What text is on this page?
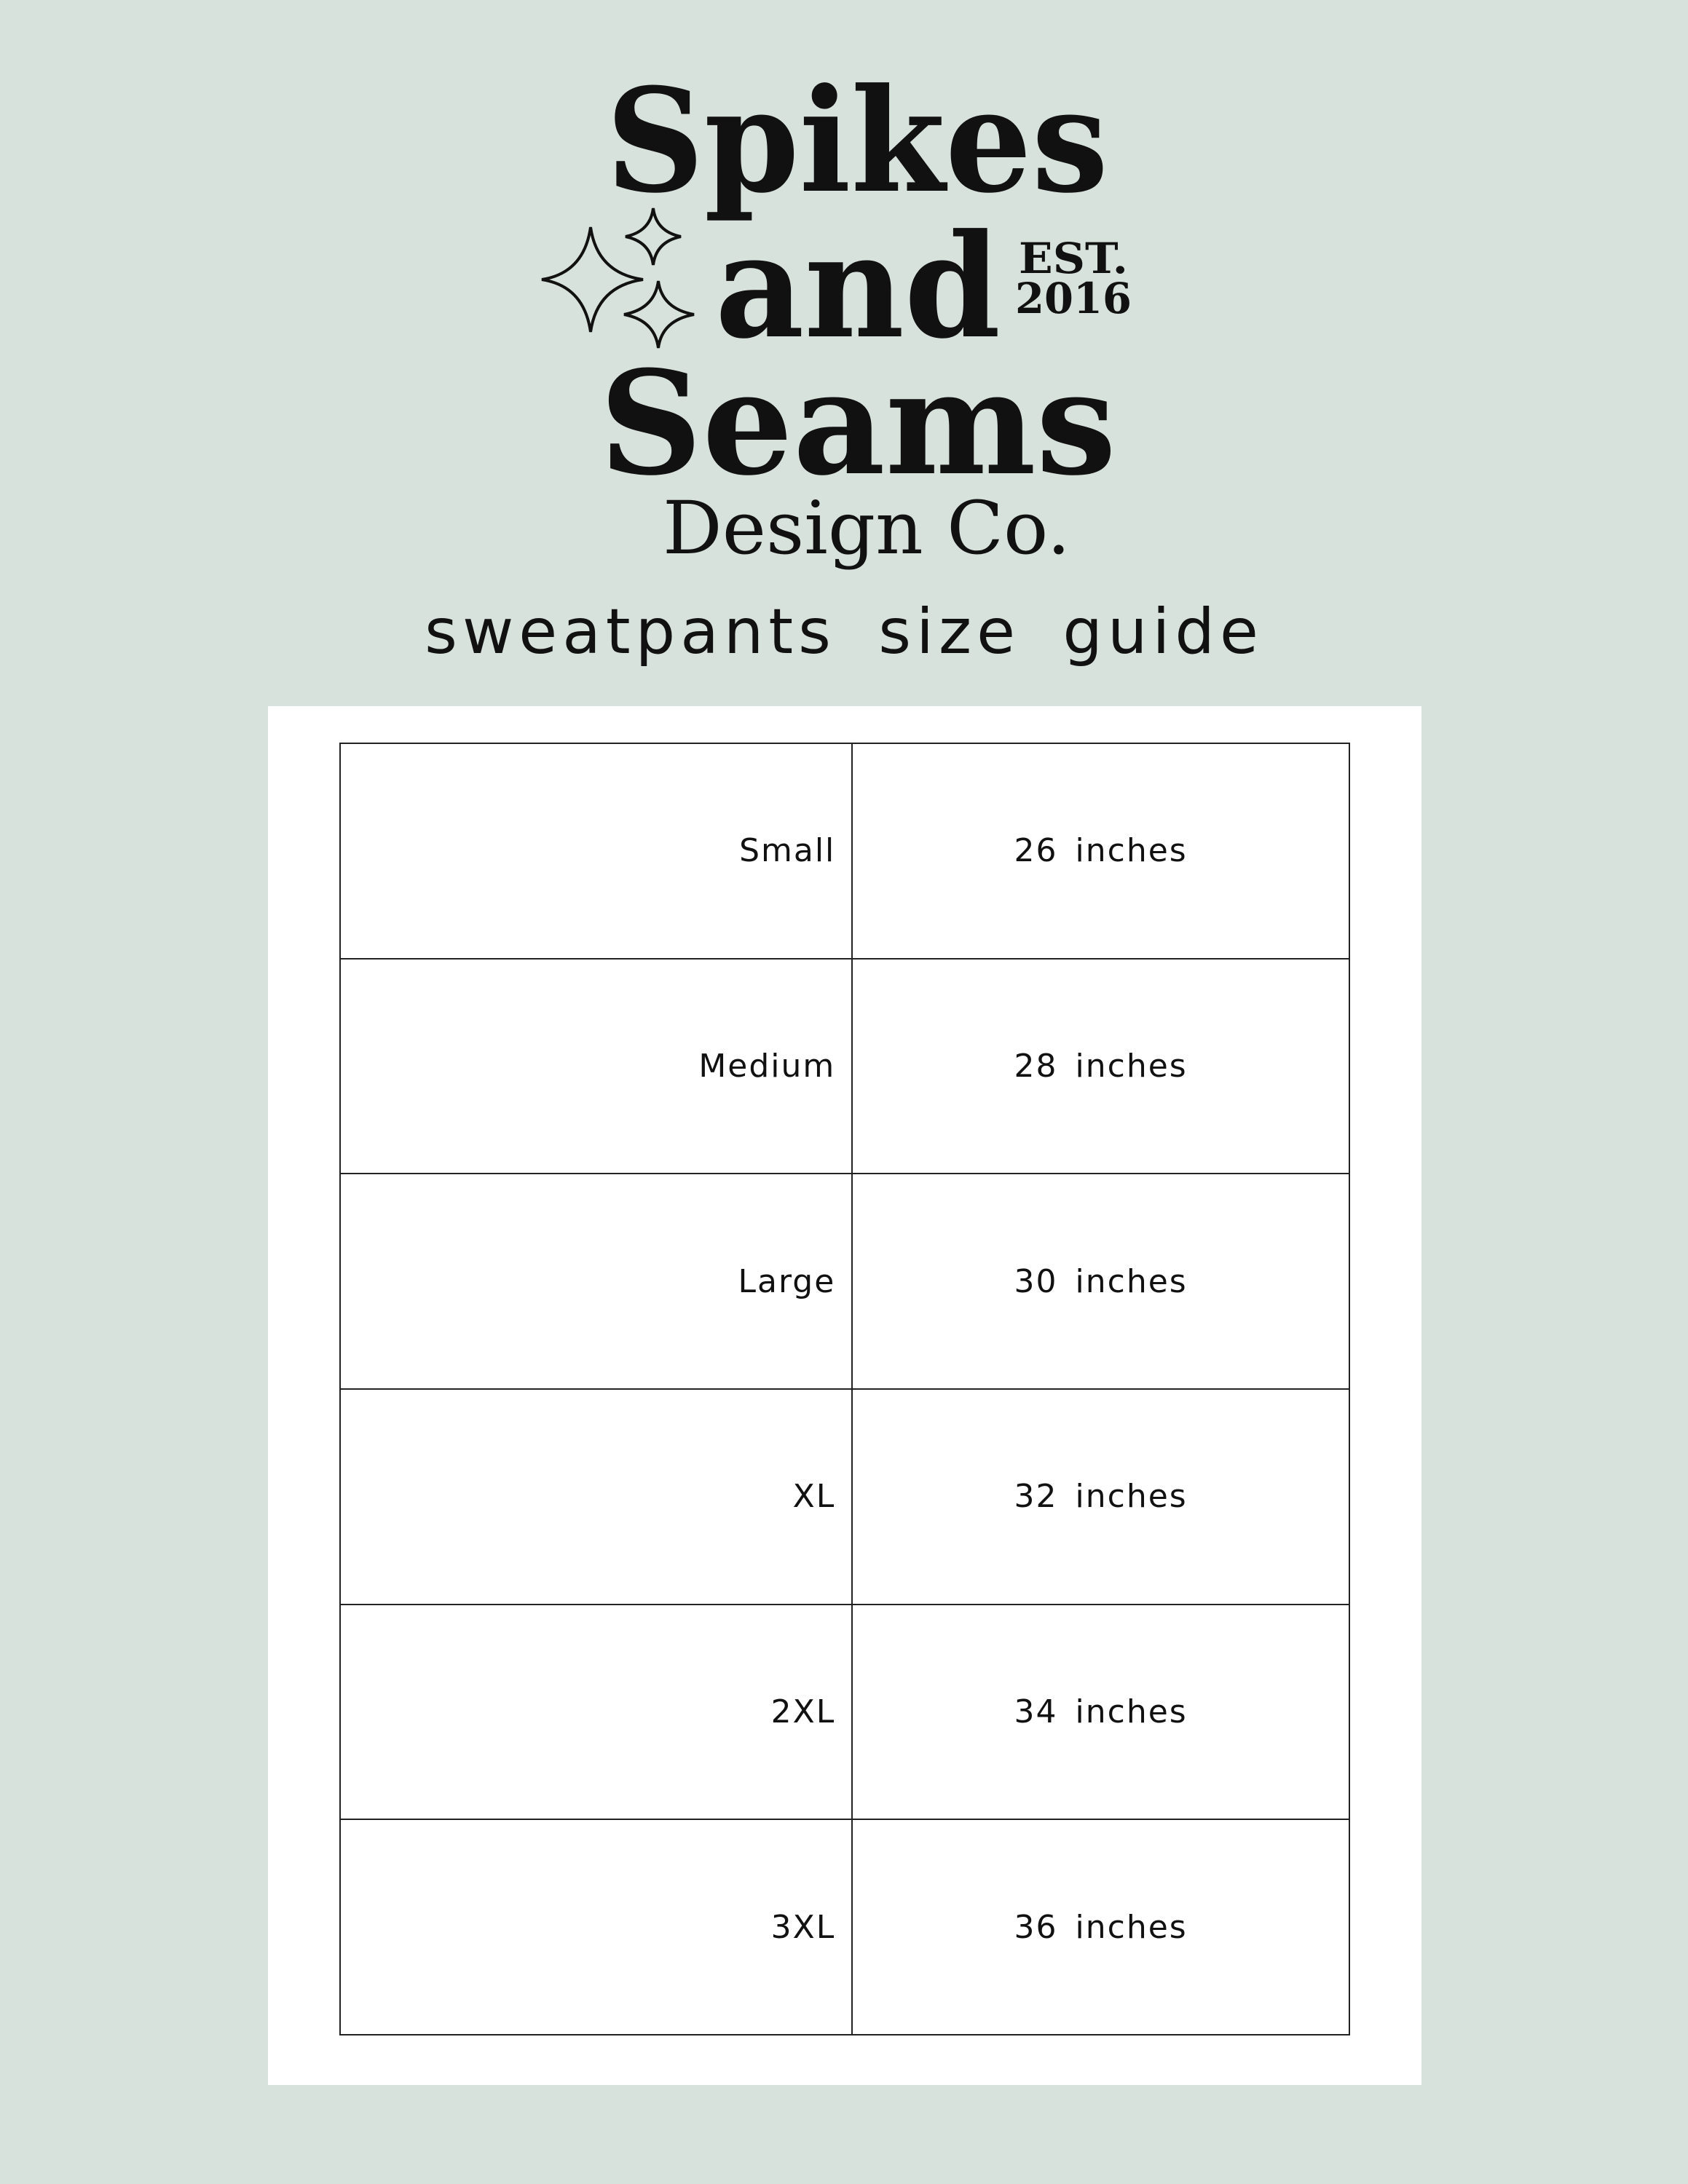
Spikes
and EST.
2016
Seams
Design Co.
sweatpants size guide
Small	26 inches
Medium	28 inches
Large	30 inches
XL	32 inches
2XL	34 inches
3XL	36 inches
